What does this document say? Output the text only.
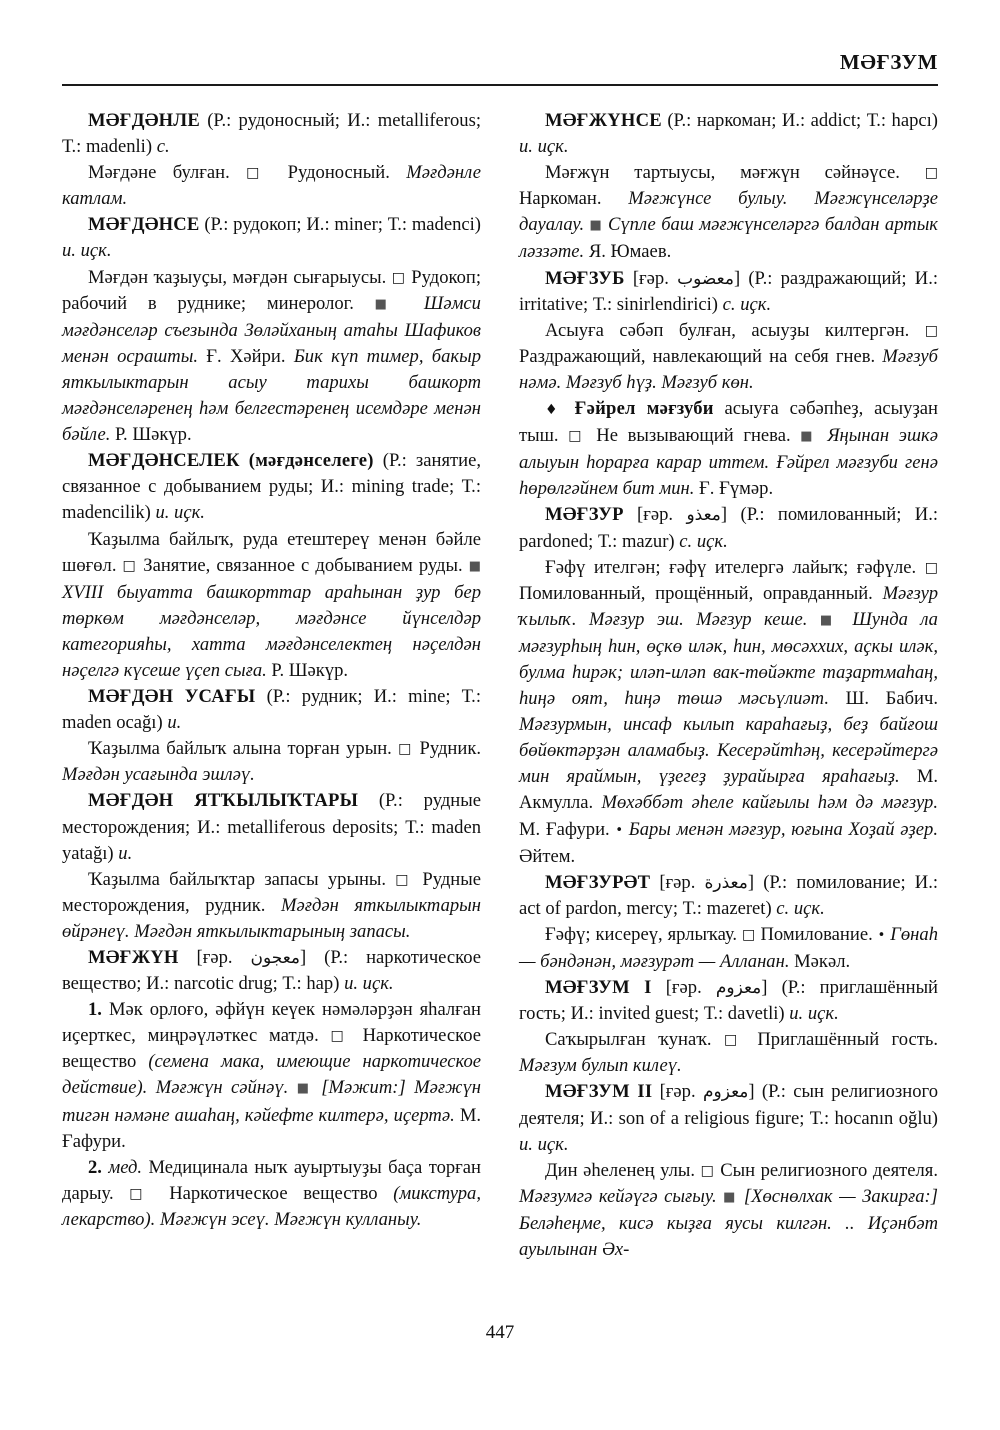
МӘҒЗУМ

МӘҒДӘНЛЕ (Р.: рудоносный; И.: metalliferous; Т.: madenli) с.

Мәғдәне булған. □ Рудоносный. Мәғдәнле катлам.

МӘҒДӘНСЕ (Р.: рудокоп; И.: miner; Т.: madenci) и. иҫк.

Мәғдән ҡаҙыуҫы, мәғдән сығарыусы. □ Рудокоп; рабочий в руднике; минеролог. ■ Шәмси мәғдәнселәр съезында Зөләйханың атаһы Шафиков менән осрашты. Ғ. Хәйри. Бик күп тимер, бакыр яткылыктарын асыу тарихы башкорт мәғдәнселәренең һәм белгестәренең исемдәре менән бәйле. Р. Шәкүр.

МӘҒДӘНСЕЛЕК (мәғдәнселеге) (Р.: занятие, связанное с добыванием руды; И.: mining trade; Т.: madencilik) и. иҫк.

Ҡаҙылма байлыҡ, руда етештереү менән бәйле шөғөл. □ Занятие, связанное с добыванием руды. ■ XVIII быуатта башкорттар араһынан ҙур бер төркөм мәғдәнселәр, мәғдәнсе йүнселдәр категорияһы, хатта мәғдәнселектең нәҫелдән нәҫелгә күсеше үҫеп сыға. Р. Шәкүр.

МӘҒДӘН УСАҒЫ (Р.: рудник; И.: mine; Т.: maden ocağı) и.

Ҡаҙылма байлыҡ алына торған урын. □ Рудник. Мәғдән усағында эшләү.

МӘҒДӘН ЯТҠЫЛЫҠТАРЫ (Р.: рудные месторождения; И.: metalliferous deposits; Т.: maden yatağı) и.

Ҡаҙылма байлыҡтар запасы урыны. □ Рудные месторождения, рудник. Мәғдән яткылыктарын өйрәнеү. Мәғдән яткылыктарының запасы.

МӘҒЖҮН [ғәр. معجون] (Р.: наркотическое вещество; И.: narcotic drug; Т.: hap) и. иҫк.

1. Мәк орлоғо, әфйүн кеүек нәмәләрҙән яһалған иҫерткес, миңрәүләткес матдә. □ Наркотическое вещество (семена мака, имеющие наркотическое действие). Мәғжүн сәйнәү. ■ [Мәжит:] Мәғжүн тигән нәмәне ашаһаң, кәйефте килтерә, иҫертә. М. Ғафури.

2. мед. Медицинала ныҡ ауыртыуҙы баҫа торған дарыу. □ Наркотическое вещество (микстура, лекарство). Мәғжүн эсеү. Мәғжүн кулланыу.

МӘҒЖҮНСЕ (Р.: наркоман; И.: addict; Т.: hapcı) и. иҫк.

Мәғжүн тартыусы, мәғжүн сәйнәүсе. □ Наркоман. Мәғжүнсе булыу. Мәғжүнселәрҙе дауалау. ■ Сүпле баш мәғжүнселәргә балдан артык ләззәте. Я. Юмаев.

МӘҒЗУБ [ғәр. معضوب] (Р.: раздражающий; И.: irritative; Т.: sinirlendirici) с. иҫк.

Асыуға сәбәп булған, асыуҙы килтергән. □ Раздражающий, навлекающий на себя гнев. Мәғзуб нәмә. Мәғзуб һүҙ. Мәғзуб көн.

♦ Ғәйрел мәғзуби асыуға сәбәпһеҙ, асыуҙан тыш. □ Не вызывающий гнева. ■ Яңынан эшкә алыуын һорарға карар иттем. Ғәйрел мәғзуби генә һөрөлгәйнем бит мин. Ғ. Ғүмәр.

МӘҒЗУР [ғәр. معذو] (Р.: помилованный; И.: pardoned; Т.: mazur) с. иҫк.

Ғәфү ителгән; ғәфү ителергә лайыҡ; ғәфүле. □ Помилованный, прощённый, оправданный. Мәғзур ҡылыҡ. Мәғзур эш. Мәғзур кеше. ■ Шунда ла мәғзурһың һин, өҫкө иләк, һин, мөсәххих, аҫкы иләк, булма һирәк; иләп-иләп вак-төйәкте таҙартмаһаң, һиңә оят, һиңә төшә мәсьүлиәт. Ш. Бабич. Мәғзурмын, инсаф кылып караһағыҙ, беҙ байғош бөйөктәрҙән аламабыҙ. Кесерәйтһәң, кесерәйтергә мин яраймын, үҙегеҙ ҙурайырға яраһағыҙ. М. Акмулла. Мөхәббәт әһеле кайғылы һәм дә мәғзур. М. Ғафури. • Бары менән мәғзур, юғына Хоҙай әҙер. Әйтем.

МӘҒЗУРӘТ [ғәр. معذرة] (Р.: помилование; И.: act of pardon, mercy; Т.: mazeret) с. иҫк.

Ғәфү; кисереү, ярлыҡау. □ Помилование. • Гөнаһ — бәндәнән, мәғзурәт — Алланан. Мәкәл.

МӘҒЗУМ I [ғәр. معزوم] (Р.: приглашённый гость; И.: invited guest; Т.: davetli) и. иҫк.

Саҡырылған ҡунаҡ. □ Приглашённый гость. Мәғзум булып килеү.

МӘҒЗУМ II [ғәр. معزوم] (Р.: сын религиозного деятеля; И.: son of a religious figure; Т.: hocanın oğlu) и. иҫк.

Дин әһеленең улы. □ Сын религиозного деятеля. Мәғзумгә кейәүгә сығыу. ■ [Хөснөлхак — Закирға:] Беләһеңме, кисә кыҙға яусы килгән. .. Иҫәнбәт ауылынан Әх-

447
